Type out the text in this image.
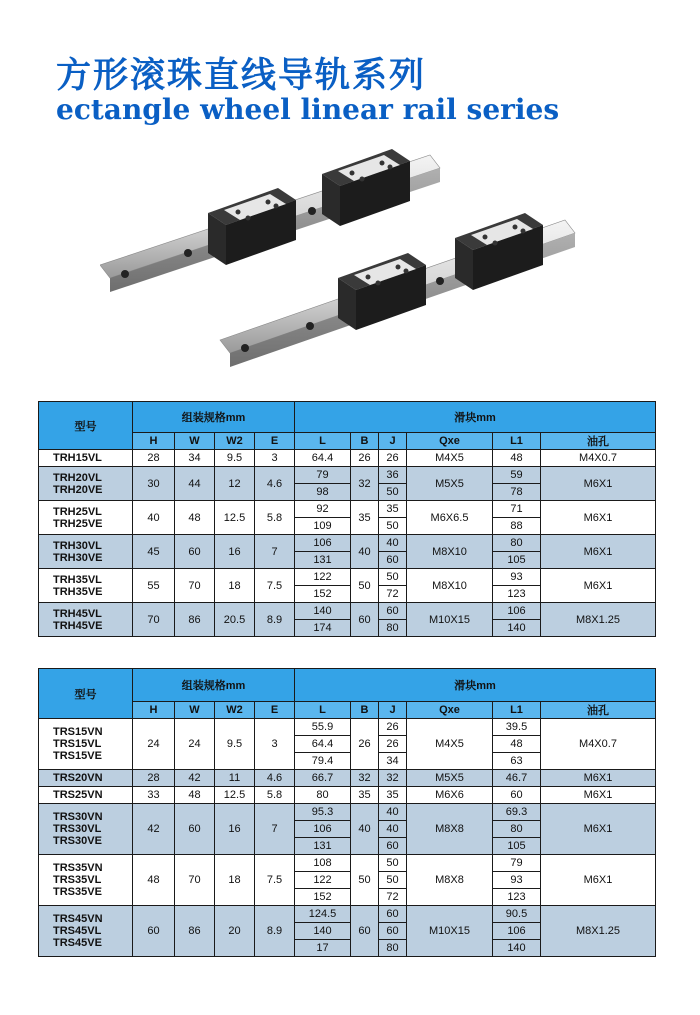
方形滚珠直线导轨系列
ectangle wheel linear rail series
型号	组装规格mm				滑块mm					
	H	W	W2	E	L	B	J	Qxe	L1	油孔

TRH15VL	28	34	9.5	3	64.4	26	26	M4X5	48	M4X0.7

TRH20VL
TRH20VE	30	44	12	4.6	79	32	36	M5X5	59	M6X1
					98		50		78	

TRH25VL
TRH25VE	40	48	12.5	5.8	92	35	35	M6X6.5	71	M6X1
					109		50		88	

TRH30VL
TRH30VE	45	60	16	7	106	40	40	M8X10	80	M6X1
					131		60		105	

TRH35VL
TRH35VE	55	70	18	7.5	122	50	50	M8X10	93	M6X1
					152		72		123	

TRH45VL
TRH45VE	70	86	20.5	8.9	140	60	60	M10X15	106	M8X1.25
					174		80		140	
型号	组装规格mm				滑块mm					
	H	W	W2	E	L	B	J	Qxe	L1	油孔

TRS15VN
TRS15VL
TRS15VE	24	24	9.5	3	55.9	26	26	M4X5	39.5	M4X0.7
					64.4		26		48	
					79.4		34		63	

TRS20VN	28	42	11	4.6	66.7	32	32	M5X5	46.7	M6X1

TRS25VN	33	48	12.5	5.8	80	35	35	M6X6	60	M6X1

TRS30VN
TRS30VL
TRS30VE	42	60	16	7	95.3	40	40	M8X8	69.3	M6X1
					106		40		80	
					131		60		105	

TRS35VN
TRS35VL
TRS35VE	48	70	18	7.5	108	50	50	M8X8	79	M6X1
					122		50		93	
					152		72		123	

TRS45VN
TRS45VL
TRS45VE	60	86	20	8.9	124.5	60	60	M10X15	90.5	M8X1.25
					140		60		106	
					17		80		140	
